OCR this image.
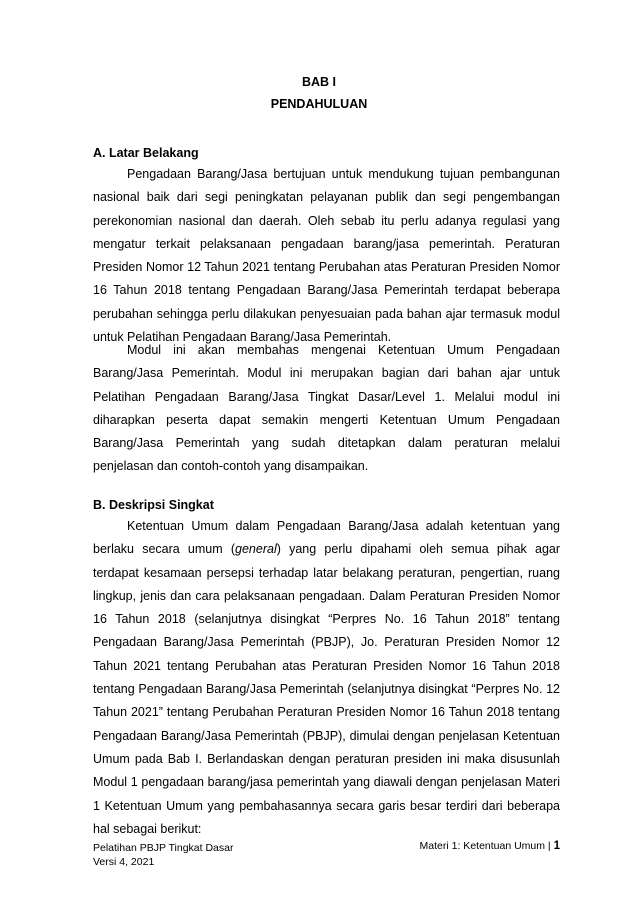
BAB I
PENDAHULUAN
A. Latar Belakang

Pengadaan Barang/Jasa bertujuan untuk mendukung tujuan pembangunan nasional baik dari segi peningkatan pelayanan publik dan segi pengembangan perekonomian nasional dan daerah. Oleh sebab itu perlu adanya regulasi yang mengatur terkait pelaksanaan pengadaan barang/jasa pemerintah. Peraturan Presiden Nomor 12 Tahun 2021 tentang Perubahan atas Peraturan Presiden Nomor 16 Tahun 2018 tentang Pengadaan Barang/Jasa Pemerintah terdapat beberapa perubahan sehingga perlu dilakukan penyesuaian pada bahan ajar termasuk modul untuk Pelatihan Pengadaan Barang/Jasa Pemerintah.

Modul ini akan membahas mengenai Ketentuan Umum Pengadaan Barang/Jasa Pemerintah. Modul ini merupakan bagian dari bahan ajar untuk Pelatihan Pengadaan Barang/Jasa Tingkat Dasar/Level 1. Melalui modul ini diharapkan peserta dapat semakin mengerti Ketentuan Umum Pengadaan Barang/Jasa Pemerintah yang sudah ditetapkan dalam peraturan melalui penjelasan dan contoh-contoh yang disampaikan.

B. Deskripsi Singkat

Ketentuan Umum dalam Pengadaan Barang/Jasa adalah ketentuan yang berlaku secara umum (general) yang perlu dipahami oleh semua pihak agar terdapat kesamaan persepsi terhadap latar belakang peraturan, pengertian, ruang lingkup, jenis dan cara pelaksanaan pengadaan. Dalam Peraturan Presiden Nomor 16 Tahun 2018 (selanjutnya disingkat “Perpres No. 16 Tahun 2018” tentang Pengadaan Barang/Jasa Pemerintah (PBJP), Jo. Peraturan Presiden Nomor 12 Tahun 2021 tentang Perubahan atas Peraturan Presiden Nomor 16 Tahun 2018 tentang Pengadaan Barang/Jasa Pemerintah (selanjutnya disingkat “Perpres No. 12 Tahun 2021” tentang Perubahan Peraturan Presiden Nomor 16 Tahun 2018 tentang Pengadaan Barang/Jasa Pemerintah (PBJP), dimulai dengan penjelasan Ketentuan Umum pada Bab I. Berlandaskan dengan peraturan presiden ini maka disusunlah Modul 1 pengadaan barang/jasa pemerintah yang diawali dengan penjelasan Materi 1 Ketentuan Umum yang pembahasannya secara garis besar terdiri dari beberapa hal sebagai berikut:

Pelatihan PBJP Tingkat Dasar
Versi 4, 2021
Materi 1: Ketentuan Umum | 1
